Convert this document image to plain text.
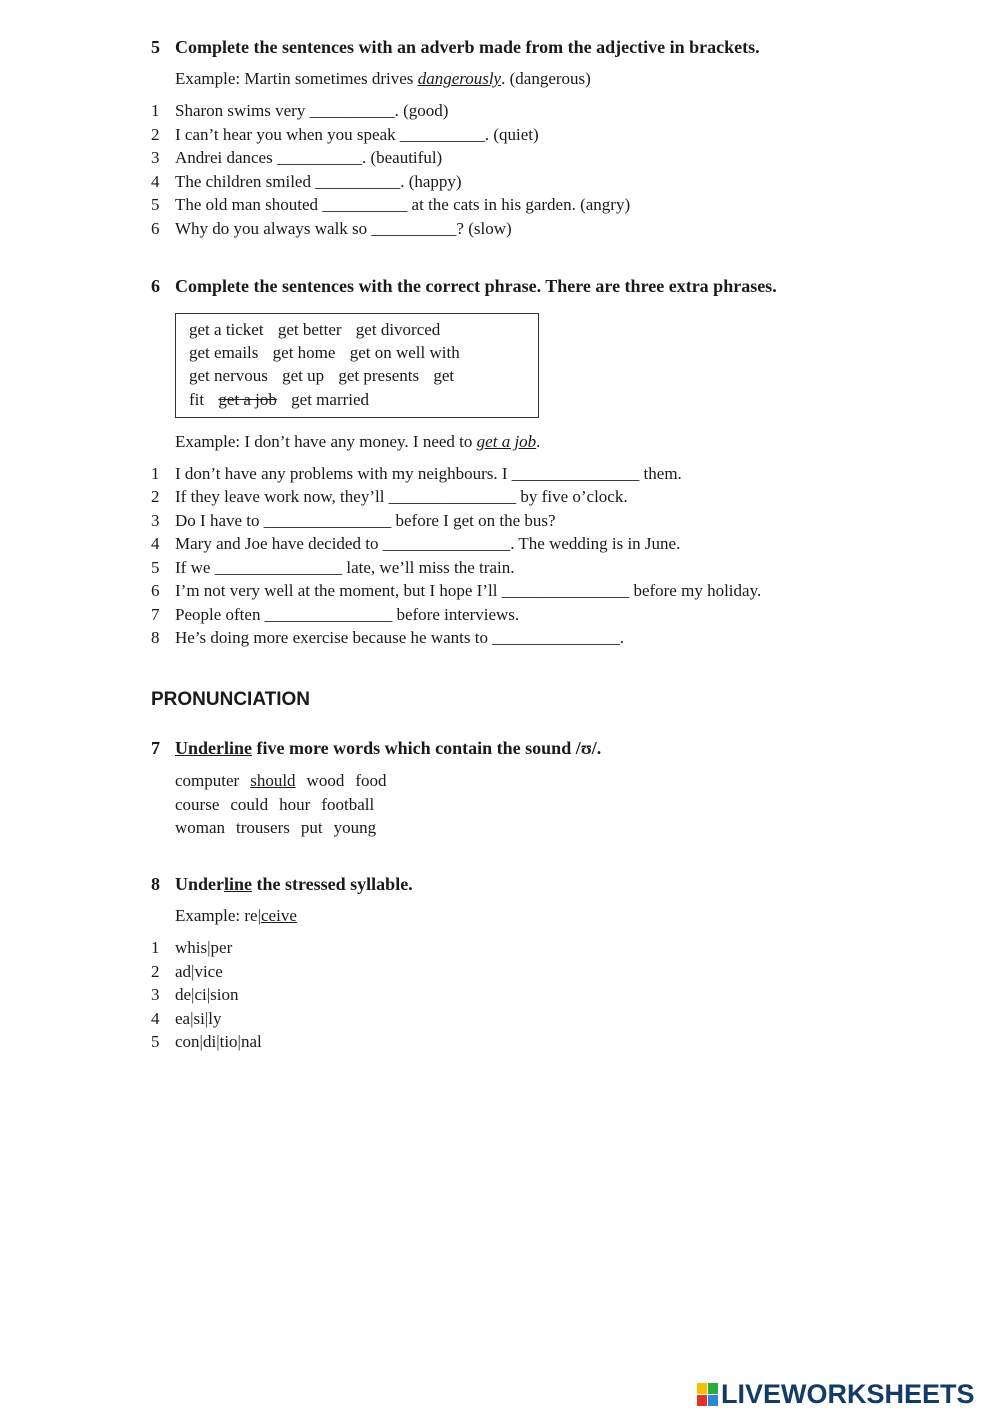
5 Complete the sentences with an adverb made from the adjective in brackets.
Example: Martin sometimes drives dangerously. (dangerous)
1 Sharon swims very __________. (good)
2 I can’t hear you when you speak __________. (quiet)
3 Andrei dances __________. (beautiful)
4 The children smiled __________. (happy)
5 The old man shouted __________ at the cats in his garden. (angry)
6 Why do you always walk so __________? (slow)
6 Complete the sentences with the correct phrase. There are three extra phrases.
get a ticket get better get divorced
get emails get home get on well with
get nervous get up get presents get
fit get a job get married
Example: I don’t have any money. I need to get a job.
1 I don’t have any problems with my neighbours. I _______________ them.
2 If they leave work now, they’ll _______________ by five o’clock.
3 Do I have to _______________ before I get on the bus?
4 Mary and Joe have decided to _______________. The wedding is in June.
5 If we _______________ late, we’ll miss the train.
6 I’m not very well at the moment, but I hope I’ll _______________ before my holiday.
7 People often _______________ before interviews.
8 He’s doing more exercise because he wants to _______________.
PRONUNCIATION
7 Underline five more words which contain the sound /ʊ/.
computer should wood food
course could hour football
woman trousers put young
8 Underline the stressed syllable.
Example: re|ceive
1 whis|per
2 ad|vice
3 de|ci|sion
4 ea|si|ly
5 con|di|tio|nal
LIVEWORKSHEETS
